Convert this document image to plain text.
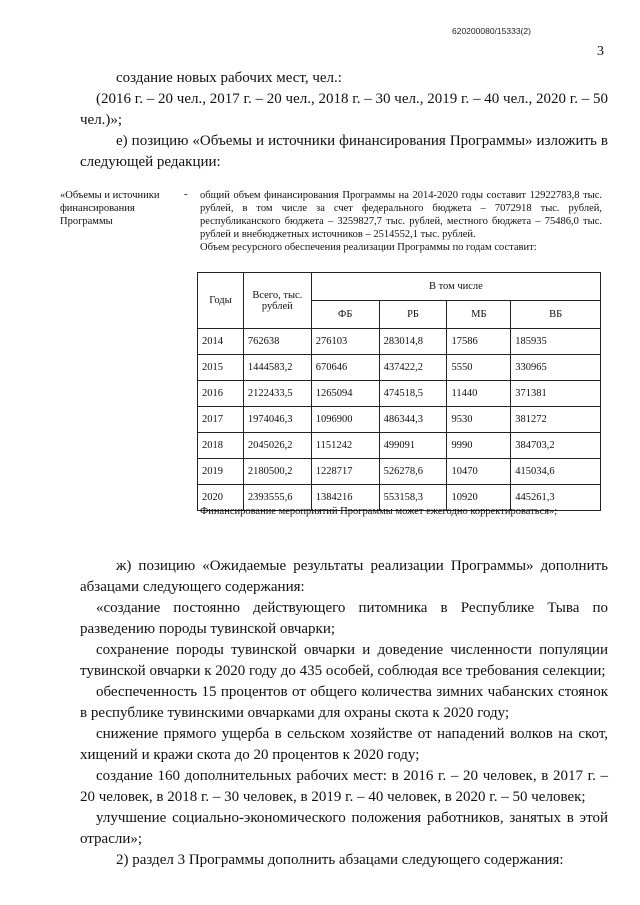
620200080/15333(2)
3

создание новых рабочих мест, чел.:

(2016 г. – 20 чел., 2017 г. – 20 чел., 2018 г. – 30 чел., 2019 г. – 40 чел., 2020 г. – 50 чел.)»;

е) позицию «Объемы и источники финансирования Программы» изложить в следующей редакции:

«Объемы и источники финансирования Программы
- общий объем финансирования Программы на 2014-2020 годы составит 12922783,8 тыс. рублей, в том числе за счет федерального бюджета – 7072918 тыс. рублей, республиканского бюджета – 3259827,7 тыс. рублей, местного бюджета – 75486,0 тыс. рублей и внебюджетных источников – 2514552,1 тыс. рублей.

Объем ресурсного обеспечения реализации Программы по годам составит:

Годы	Всего, тыс. рублей	В том числе			
		ФБ	РБ	МБ	ВБ
2014	762638	276103	283014,8	17586	185935
2015	1444583,2	670646	437422,2	5550	330965
2016	2122433,5	1265094	474518,5	11440	371381
2017	1974046,3	1096900	486344,3	9530	381272
2018	2045026,2	1151242	499091	9990	384703,2
2019	2180500,2	1228717	526278,6	10470	415034,6
2020	2393555,6	1384216	553158,3	10920	445261,3
Финансирование мероприятий Программы может ежегодно корректироваться»;

ж) позицию «Ожидаемые результаты реализации Программы» дополнить абзацами следующего содержания:

«создание постоянно действующего питомника в Республике Тыва по разведению породы тувинской овчарки;

сохранение породы тувинской овчарки и доведение численности популяции тувинской овчарки к 2020 году до 435 особей, соблюдая все требования селекции;

обеспеченность 15 процентов от общего количества зимних чабанских стоянок в республике тувинскими овчарками для охраны скота к 2020 году;

снижение прямого ущерба в сельском хозяйстве от нападений волков на скот, хищений и кражи скота до 20 процентов к 2020 году;

создание 160 дополнительных рабочих мест: в 2016 г. – 20 человек, в 2017 г. – 20 человек, в 2018 г. – 30 человек, в 2019 г. – 40 человек, в 2020 г. – 50 человек;

улучшение социально-экономического положения работников, занятых в этой отрасли»;

2) раздел 3 Программы дополнить абзацами следующего содержания:
